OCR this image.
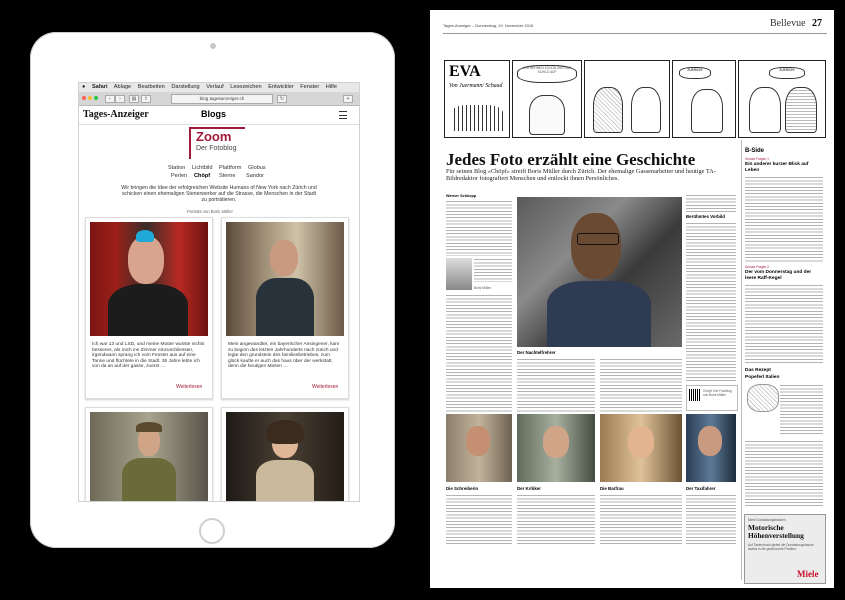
● Safari Ablage Bearbeiten Darstellung Verlauf Lesezeichen Entwickler Fenster Hilfe
‹	›	▤	⇪	blog.tagesanzeiger.ch	↻	+
Tages-Anzeiger	Blogs
Zoom
Der Fotoblog
Station Lichtbild Plattform Globus
Perlen Chöpf Sterne Sandor
Wir bringen die Idee der erfolgreichen Website Humans of New York nach Zürich und schicken einen ehemaligen Stenerwerker auf die Strasse, die Menschen in der Stadt zu porträtieren.
Porträts von Boris Müller
Ich war 13 und LSD, und meine Mutter wusste nichts besseres, als mich ins Zimmer einzuschliessen, irgendwann sprang ich vom Fenster aus auf eine Tanne und flüchtete in die Stadt. 35 Jahre lebte ich von da an auf der gasse, zuerst …
Weiterlesen
Mein angewandter, ein bayerischer Ansingener, kam zu beginn des letzten Jahrhunderts nach zürich und legte den grundstein des familienbetriebes, zum glück kaufte er auch das haus über der werkstatt, denn die heutigen Mieten …
Weiterlesen
Tages-Anzeiger – Donnerstag, 19. November 2015	Bellevue 27
EVA
Von Juermann/ Schaad
WIR NEHMEN SCHON ZUR DAS SCHILD AUF	ZUERICH!	ZUERICH!
Jedes Foto erzählt eine Geschichte
Für seinen Blog «Chöpf» streift Boris Müller durch Zürich. Der ehemalige Gassenarbeiter und heutige TA-Bildredaktor fotografiert Menschen und entlockt ihnen Persönliches.
Werner Schüepp
Boris Müller.
Der Nachtelfrehrer
Berühmtes Vorbild
Chöpf: Der Fotoblog von Boris Müller
Die Schreiberin	Der Kritiker	Die Barfrau	Der Taxifahrer
B-Side
Grosse Fragen 1
Ein anderer kurzer Blick auf Leben
Grosse Fragen 2
Der vom Donnerstag und der leere Raff-Kegel
Das Rezept
Popeferl Italien
Miele Dunstabzugshauben
Motorische Höhenverstellung
Auf Tastendruck gleitet die Dunstabzugshaube lautlos in die gewünschte Position.
Miele
